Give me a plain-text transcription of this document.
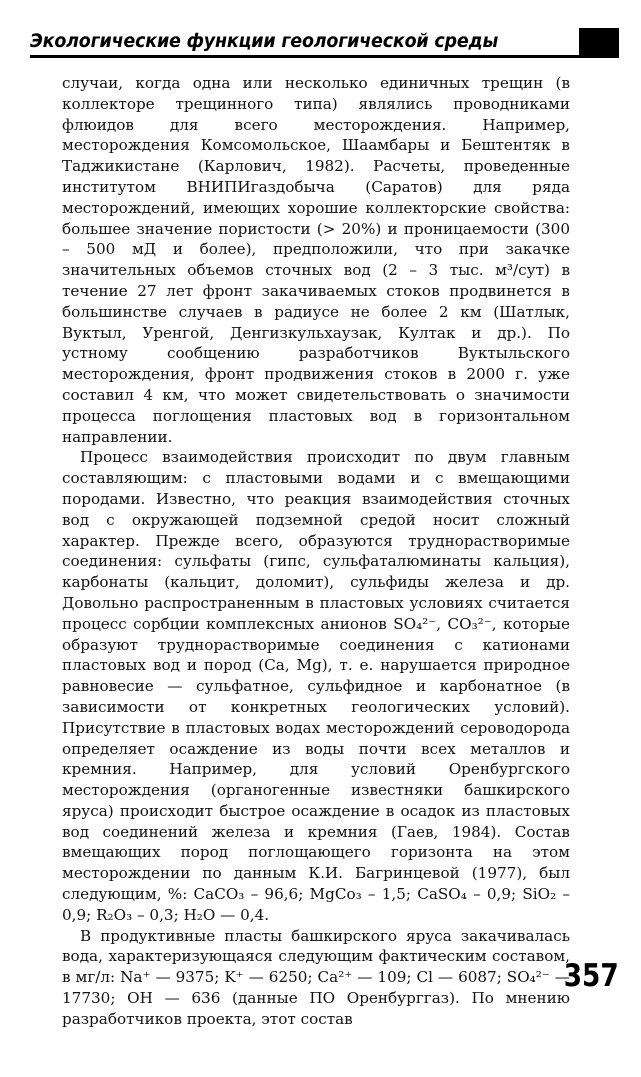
Экологические функции геологической среды

случаи, когда одна или несколько единичных трещин (в коллекторе трещинного типа) являлись проводниками флюидов для всего месторождения. Например, месторождения Комсомольское, Шаамбары и Бештентяк в Таджикистане (Карлович, 1982). Расчеты, проведенные институтом ВНИПИгаздобыча (Саратов) для ряда месторождений, имеющих хорошие коллекторские свойства: большее значение пористости (> 20%) и проницаемости (300 – 500 мД и более), предположили, что при закачке значительных объемов сточных вод (2 – 3 тыс. м³/сут) в течение 27 лет фронт закачиваемых стоков продвинется в большинстве случаев в радиусе не более 2 км (Шатлык, Вуктыл, Уренгой, Денгизкульхаузак, Култак и др.). По устному сообщению разработчиков Вуктыльского месторождения, фронт продвижения стоков в 2000 г. уже составил 4 км, что может свидетельствовать о значимости процесса поглощения пластовых вод в горизонтальном направлении.

Процесс взаимодействия происходит по двум главным составляющим: с пластовыми водами и с вмещающими породами. Известно, что реакция взаимодействия сточных вод с окружающей подземной средой носит сложный характер. Прежде всего, образуются труднорастворимые соединения: сульфаты (гипс, сульфаталюминаты кальция), карбонаты (кальцит, доломит), сульфиды железа и др. Довольно распространенным в пластовых условиях считается процесс сорбции комплексных анионов SO₄²⁻, CO₃²⁻, которые образуют труднорастворимые соединения с катионами пластовых вод и пород (Ca, Mg), т. е. нарушается природное равновесие — сульфатное, сульфидное и карбонатное (в зависимости от конкретных геологических условий). Присутствие в пластовых водах месторождений сероводорода определяет осаждение из воды почти всех металлов и кремния. Например, для условий Оренбургского месторождения (органогенные известняки башкирского яруса) происходит быстрое осаждение в осадок из пластовых вод соединений железа и кремния (Гаев, 1984). Состав вмещающих пород поглощающего горизонта на этом месторождении по данным К.И. Багринцевой (1977), был следующим, %: CaCO₃ – 96,6; MgCo₃ – 1,5; CaSO₄ – 0,9; SiO₂ – 0,9; R₂O₃ – 0,3; H₂O — 0,4.

В продуктивные пласты башкирского яруса закачивалась вода, характеризующаяся следующим фактическим составом, в мг/л: Na⁺ — 9375; K⁺ — 6250; Ca²⁺ — 109; Cl — 6087; SO₄²⁻ — 17730; OH — 636 (данные ПО Оренбурггаз). По мнению разработчиков проекта, этот состав

357
